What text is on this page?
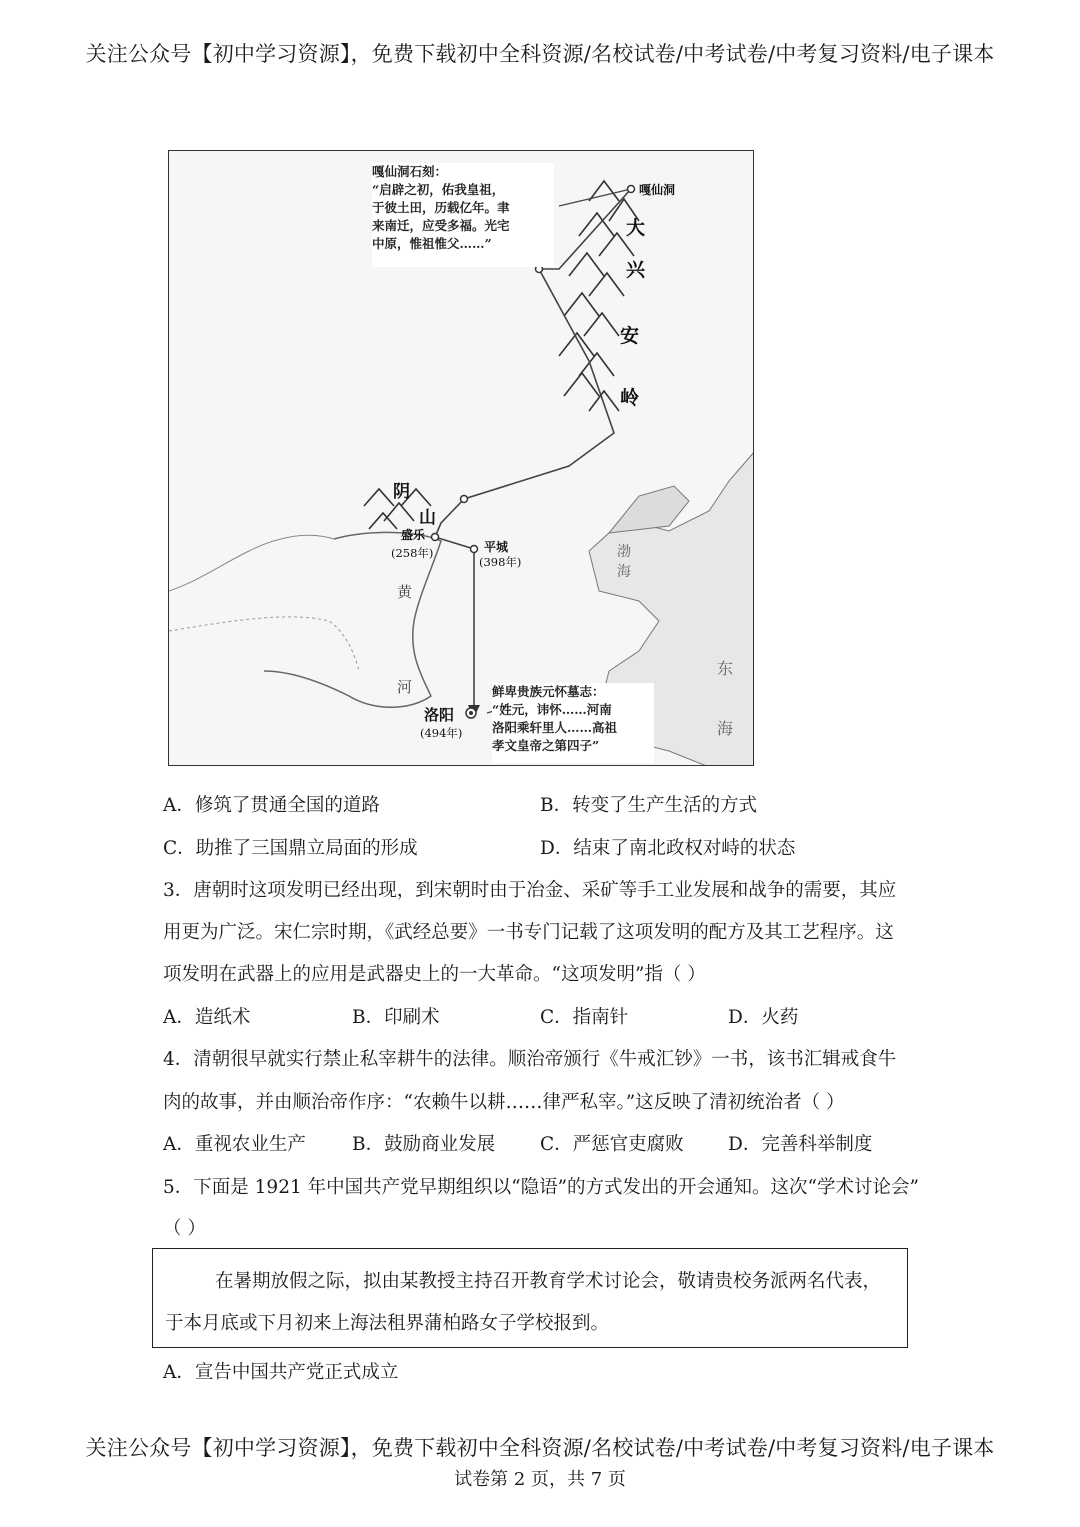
关注公众号【初中学习资源】，免费下载初中全科资源/名校试卷/中考试卷/中考复习资料/电子课本
嘎仙洞石刻：
“启辟之初，佑我皇祖，
于彼土田，历载亿年。聿
来南迁，应受多福。光宅
中原，惟祖惟父……”
鲜卑贵族元怀墓志：
“姓元，讳怀……河南
洛阳乘轩里人……高祖
孝文皇帝之第四子”
嘎仙洞
大
兴
安
岭
阴
山
盛乐
(258年)	平城
(398年)
洛阳
(494年)
黄
河
渤
海
东
海
A．修筑了贯通全国的道路	B．转变了生产生活的方式
C．助推了三国鼎立局面的形成	D．结束了南北政权对峙的状态
3．唐朝时这项发明已经出现，到宋朝时由于冶金、采矿等手工业发展和战争的需要，其应
用更为广泛。宋仁宗时期，《武经总要》一书专门记载了这项发明的配方及其工艺程序。这
项发明在武器上的应用是武器史上的一大革命。“这项发明”指（ ）
A．造纸术	B．印刷术	C．指南针	D．火药
4．清朝很早就实行禁止私宰耕牛的法律。顺治帝颁行《牛戒汇钞》一书，该书汇辑戒食牛
肉的故事，并由顺治帝作序：“农赖牛以耕……律严私宰。”这反映了清初统治者（ ）
A．重视农业生产 B．鼓励商业发展 C．严惩官吏腐败 D．完善科举制度
5．下面是 1921 年中国共产党早期组织以“隐语”的方式发出的开会通知。这次“学术讨论会”
（ ）
在暑期放假之际，拟由某教授主持召开教育学术讨论会，敬请贵校务派两名代表，
于本月底或下月初来上海法租界蒲柏路女子学校报到。
A．宣告中国共产党正式成立
关注公众号【初中学习资源】，免费下载初中全科资源/名校试卷/中考试卷/中考复习资料/电子课本
试卷第 2 页，共 7 页
